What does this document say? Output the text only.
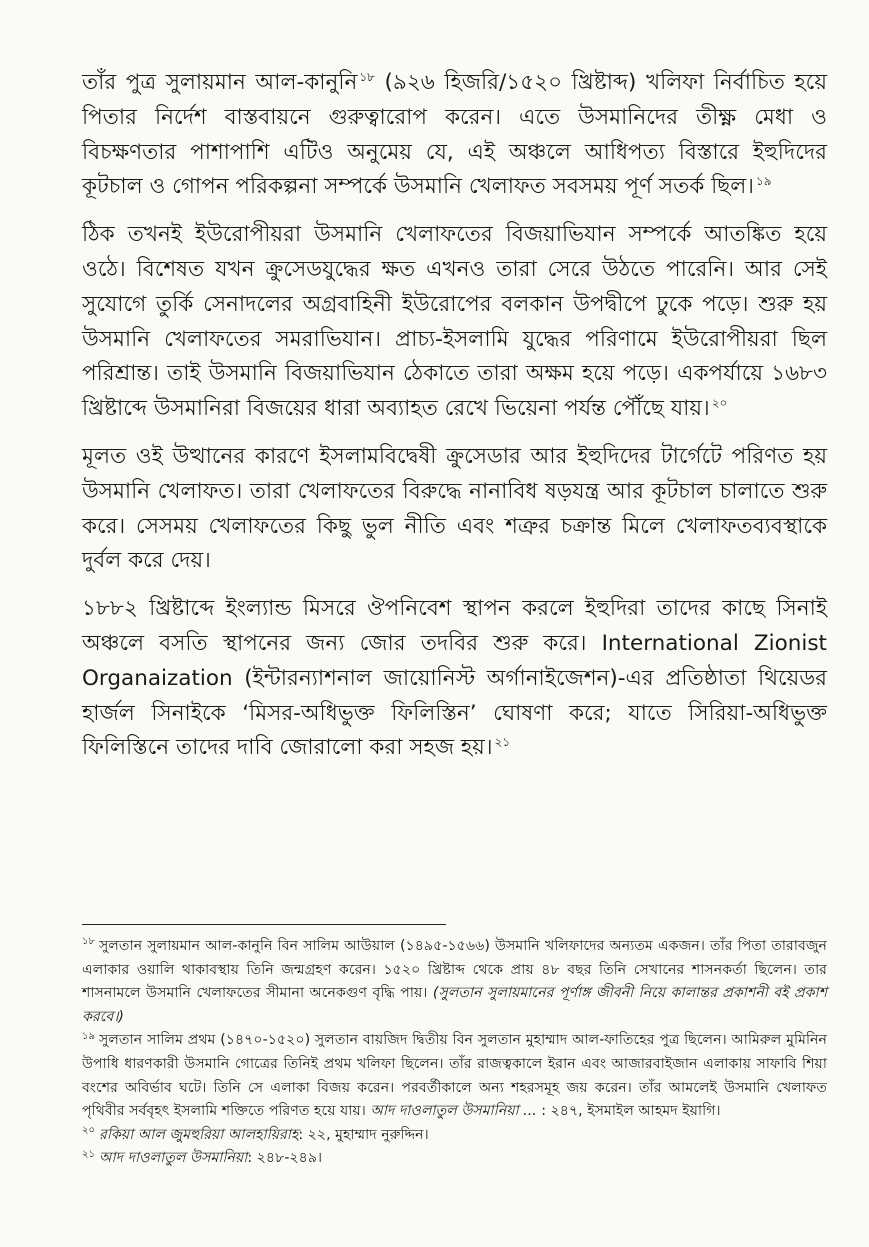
তাঁর পুত্র সুলায়মান আল-কানুনি $^{১৮}$ (৯২৬ হিজরি/১৫২০ খ্রিষ্টাব্দ) খলিফা নির্বাচিত হয়ে পিতার নির্দেশ বাস্তবায়নে গুরুত্বারোপ করেন। এতে উসমানিদের তীক্ষ্ণ মেধা ও বিচক্ষণতার পাশাপাশি এটিও অনুমেয় যে, এই অঞ্চলে আধিপত্য বিস্তারে ইহুদিদের কূটচাল ও গোপন পরিকল্পনা সম্পর্কে উসমানি খেলাফত সবসময় পূর্ণ সতর্ক ছিল। $^{১৯}$

ঠিক তখনই ইউরোপীয়রা উসমানি খেলাফতের বিজয়াভিযান সম্পর্কে আতঙ্কিত হয়ে ওঠে। বিশেষত যখন ক্রুসেডযুদ্ধের ক্ষত এখনও তারা সেরে উঠতে পারেনি। আর সেই সুযোগে তুর্কি সেনাদলের অগ্রবাহিনী ইউরোপের বলকান উপদ্বীপে ঢুকে পড়ে। শুরু হয় উসমানি খেলাফতের সমরাভিযান। প্রাচ্য-ইসলামি যুদ্ধের পরিণামে ইউরোপীয়রা ছিল পরিশ্রান্ত। তাই উসমানি বিজয়াভিযান ঠেকাতে তারা অক্ষম হয়ে পড়ে। একপর্যায়ে ১৬৮৩ খ্রিষ্টাব্দে উসমানিরা বিজয়ের ধারা অব্যাহত রেখে ভিয়েনা পর্যন্ত পৌঁছে যায়। $^{২০}$

মূলত ওই উত্থানের কারণে ইসলামবিদ্বেষী ক্রুসেডার আর ইহুদিদের টার্গেটে পরিণত হয় উসমানি খেলাফত। তারা খেলাফতের বিরুদ্ধে নানাবিধ ষড়যন্ত্র আর কূটচাল চালাতে শুরু করে। সেসময় খেলাফতের কিছু ভুল নীতি এবং শত্রুর চক্রান্ত মিলে খেলাফতব্যবস্থাকে দুর্বল করে দেয়।

১৮৮২ খ্রিষ্টাব্দে ইংল্যান্ড মিসরে ঔপনিবেশ স্থাপন করলে ইহুদিরা তাদের কাছে সিনাই অঞ্চলে বসতি স্থাপনের জন্য জোর তদবির শুরু করে। International Zionist Organaization (ইন্টারন্যাশনাল জায়োনিস্ট অর্গানাইজেশন)-এর প্রতিষ্ঠাতা থিয়েডর হার্জল সিনাইকে ‘মিসর-অধিভুক্ত ফিলিস্তিন’ ঘোষণা করে; যাতে সিরিয়া-অধিভুক্ত ফিলিস্তিনে তাদের দাবি জোরালো করা সহজ হয়। $^{২১}$

$^{১৮}$ সুলতান সুলায়মান আল-কানুনি বিন সালিম আউয়াল (১৪৯৫-১৫৬৬) উসমানি খলিফাদের অন্যতম একজন। তাঁর পিতা তারাবজুন এলাকার ওয়ালি থাকাবস্থায় তিনি জন্মগ্রহণ করেন। ১৫২০ খ্রিষ্টাব্দ থেকে প্রায় ৪৮ বছর তিনি সেখানের শাসনকর্তা ছিলেন। তার শাসনামলে উসমানি খেলাফতের সীমানা অনেকগুণ বৃদ্ধি পায়। (সুলতান সুলায়মানের পূর্ণাঙ্গ জীবনী নিয়ে কালান্তর প্রকাশনী বই প্রকাশ করবে।)

$^{১৯}$ সুলতান সালিম প্রথম (১৪৭০-১৫২০) সুলতান বায়জিদ দ্বিতীয় বিন সুলতান মুহাম্মাদ আল-ফাতিহের পুত্র ছিলেন। আমিরুল মুমিনিন উপাধি ধারণকারী উসমানি গোত্রের তিনিই প্রথম খলিফা ছিলেন। তাঁর রাজত্বকালে ইরান এবং আজারবাইজান এলাকায় সাফাবি শিয়া বংশের অবির্ভাব ঘটে। তিনি সে এলাকা বিজয় করেন। পরবর্তীকালে অন্য শহরসমূহ জয় করেন। তাঁর আমলেই উসমানি খেলাফত পৃথিবীর সর্ববৃহৎ ইসলামি শক্তিতে পরিণত হয়ে যায়। আদ দাওলাতুল উসমানিয়া ... : ২৪৭, ইসমাইল আহমদ ইয়াগি।

$^{২০}$ রকিয়া আল জুমহুরিয়া আলহায়িরাহ: ২২, মুহাম্মাদ নুরুদ্দিন।

$^{২১}$ আদ দাওলাতুল উসমানিয়া: ২৪৮-২৪৯।
